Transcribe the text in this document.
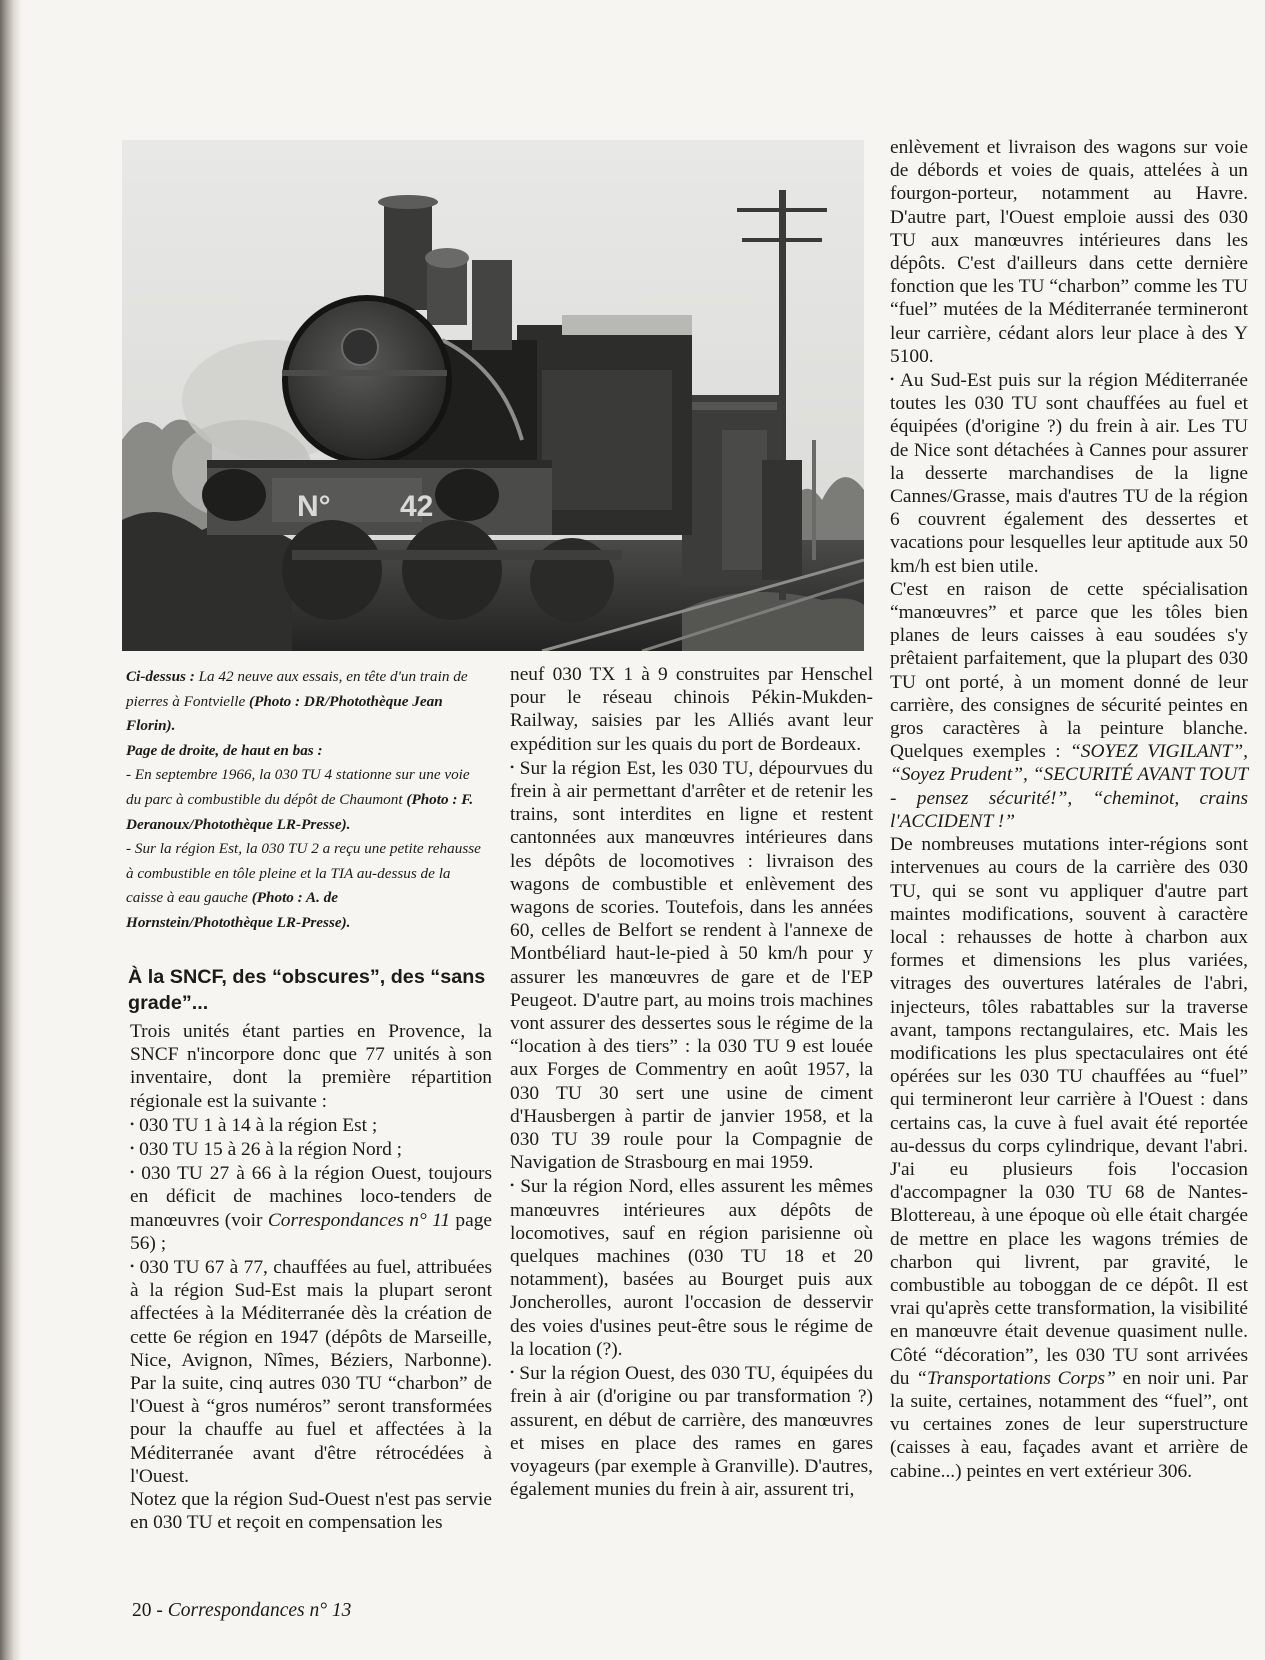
N° 42

Ci-dessus : La 42 neuve aux essais, en tête d'un train de pierres à Fontvielle (Photo : DR/Photothèque Jean Florin).

Page de droite, de haut en bas :

- En septembre 1966, la 030 TU 4 stationne sur une voie du parc à combustible du dépôt de Chaumont (Photo : F. Deranoux/Photothèque LR-Presse).

- Sur la région Est, la 030 TU 2 a reçu une petite rehausse à combustible en tôle pleine et la TIA au-dessus de la caisse à eau gauche (Photo : A. de Hornstein/Photothèque LR-Presse).

À la SNCF, des “obscures”, des “sans grade”...

Trois unités étant parties en Provence, la SNCF n'incorpore donc que 77 unités à son inventaire, dont la première répartition régionale est la suivante :

• 030 TU 1 à 14 à la région Est ;

• 030 TU 15 à 26 à la région Nord ;

• 030 TU 27 à 66 à la région Ouest, toujours en déficit de machines loco-tenders de manœuvres (voir Correspondances n° 11 page 56) ;

• 030 TU 67 à 77, chauffées au fuel, attribuées à la région Sud-Est mais la plupart seront affectées à la Méditerranée dès la création de cette 6e région en 1947 (dépôts de Marseille, Nice, Avignon, Nîmes, Béziers, Narbonne). Par la suite, cinq autres 030 TU “charbon” de l'Ouest à “gros numéros” seront transformées pour la chauffe au fuel et affectées à la Méditerranée avant d'être rétrocédées à l'Ouest.

Notez que la région Sud-Ouest n'est pas servie en 030 TU et reçoit en compensation les

neuf 030 TX 1 à 9 construites par Henschel pour le réseau chinois Pékin-Mukden-Railway, saisies par les Alliés avant leur expédition sur les quais du port de Bordeaux.

• Sur la région Est, les 030 TU, dépourvues du frein à air permettant d'arrêter et de retenir les trains, sont interdites en ligne et restent cantonnées aux manœuvres intérieures dans les dépôts de locomotives : livraison des wagons de combustible et enlèvement des wagons de scories. Toutefois, dans les années 60, celles de Belfort se rendent à l'annexe de Montbéliard haut-le-pied à 50 km/h pour y assurer les manœuvres de gare et de l'EP Peugeot. D'autre part, au moins trois machines vont assurer des dessertes sous le régime de la “location à des tiers” : la 030 TU 9 est louée aux Forges de Commentry en août 1957, la 030 TU 30 sert une usine de ciment d'Hausbergen à partir de janvier 1958, et la 030 TU 39 roule pour la Compagnie de Navigation de Strasbourg en mai 1959.

• Sur la région Nord, elles assurent les mêmes manœuvres intérieures aux dépôts de locomotives, sauf en région parisienne où quelques machines (030 TU 18 et 20 notamment), basées au Bourget puis aux Joncherolles, auront l'occasion de desservir des voies d'usines peut-être sous le régime de la location (?).

• Sur la région Ouest, des 030 TU, équipées du frein à air (d'origine ou par transformation ?) assurent, en début de carrière, des manœuvres et mises en place des rames en gares voyageurs (par exemple à Granville). D'autres, également munies du frein à air, assurent tri,

enlèvement et livraison des wagons sur voie de débords et voies de quais, attelées à un fourgon-porteur, notamment au Havre. D'autre part, l'Ouest emploie aussi des 030 TU aux manœuvres intérieures dans les dépôts. C'est d'ailleurs dans cette dernière fonction que les TU “charbon” comme les TU “fuel” mutées de la Méditerranée termineront leur carrière, cédant alors leur place à des Y 5100.

• Au Sud-Est puis sur la région Méditerranée toutes les 030 TU sont chauffées au fuel et équipées (d'origine ?) du frein à air. Les TU de Nice sont détachées à Cannes pour assurer la desserte marchandises de la ligne Cannes/Grasse, mais d'autres TU de la région 6 couvrent également des dessertes et vacations pour lesquelles leur aptitude aux 50 km/h est bien utile.

C'est en raison de cette spécialisation “manœuvres” et parce que les tôles bien planes de leurs caisses à eau soudées s'y prêtaient parfaitement, que la plupart des 030 TU ont porté, à un moment donné de leur carrière, des consignes de sécurité peintes en gros caractères à la peinture blanche. Quelques exemples : “SOYEZ VIGILANT”, “Soyez Prudent”, “SECURITÉ AVANT TOUT - pensez sécurité!”, “cheminot, crains l'ACCIDENT !”

De nombreuses mutations inter-régions sont intervenues au cours de la carrière des 030 TU, qui se sont vu appliquer d'autre part maintes modifications, souvent à caractère local : rehausses de hotte à charbon aux formes et dimensions les plus variées, vitrages des ouvertures latérales de l'abri, injecteurs, tôles rabattables sur la traverse avant, tampons rectangulaires, etc. Mais les modifications les plus spectaculaires ont été opérées sur les 030 TU chauffées au “fuel” qui termineront leur carrière à l'Ouest : dans certains cas, la cuve à fuel avait été reportée au-dessus du corps cylindrique, devant l'abri. J'ai eu plusieurs fois l'occasion d'accompagner la 030 TU 68 de Nantes-Blottereau, à une époque où elle était chargée de mettre en place les wagons trémies de charbon qui livrent, par gravité, le combustible au toboggan de ce dépôt. Il est vrai qu'après cette transformation, la visibilité en manœuvre était devenue quasiment nulle. Côté “décoration”, les 030 TU sont arrivées du “Transportations Corps” en noir uni. Par la suite, certaines, notamment des “fuel”, ont vu certaines zones de leur superstructure (caisses à eau, façades avant et arrière de cabine...) peintes en vert extérieur 306.

20 - Correspondances n° 13
